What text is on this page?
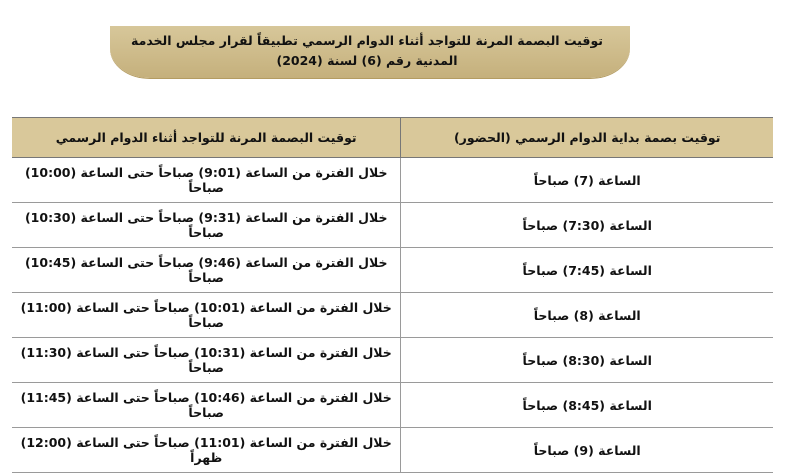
توقيت البصمة المرنة للتواجد أثناء الدوام الرسمي تطبيقاً لقرار مجلس الخدمة المدنية رقم (6) لسنة (2024)
توقيت بصمة بداية الدوام الرسمي (الحضور)	توقيت البصمة المرنة للتواجد أثناء الدوام الرسمي
الساعة (7) صباحاً	خلال الفترة من الساعة (9:01) صباحاً حتى الساعة (10:00) صباحاً
الساعة (7:30) صباحاً	خلال الفترة من الساعة (9:31) صباحاً حتى الساعة (10:30) صباحاً
الساعة (7:45) صباحاً	خلال الفترة من الساعة (9:46) صباحاً حتى الساعة (10:45) صباحاً
الساعة (8) صباحاً	خلال الفترة من الساعة (10:01) صباحاً حتى الساعة (11:00) صباحاً
الساعة (8:30) صباحاً	خلال الفترة من الساعة (10:31) صباحاً حتى الساعة (11:30) صباحاً
الساعة (8:45) صباحاً	خلال الفترة من الساعة (10:46) صباحاً حتى الساعة (11:45) صباحاً
الساعة (9) صباحاً	خلال الفترة من الساعة (11:01) صباحاً حتى الساعة (12:00) ظهراً
